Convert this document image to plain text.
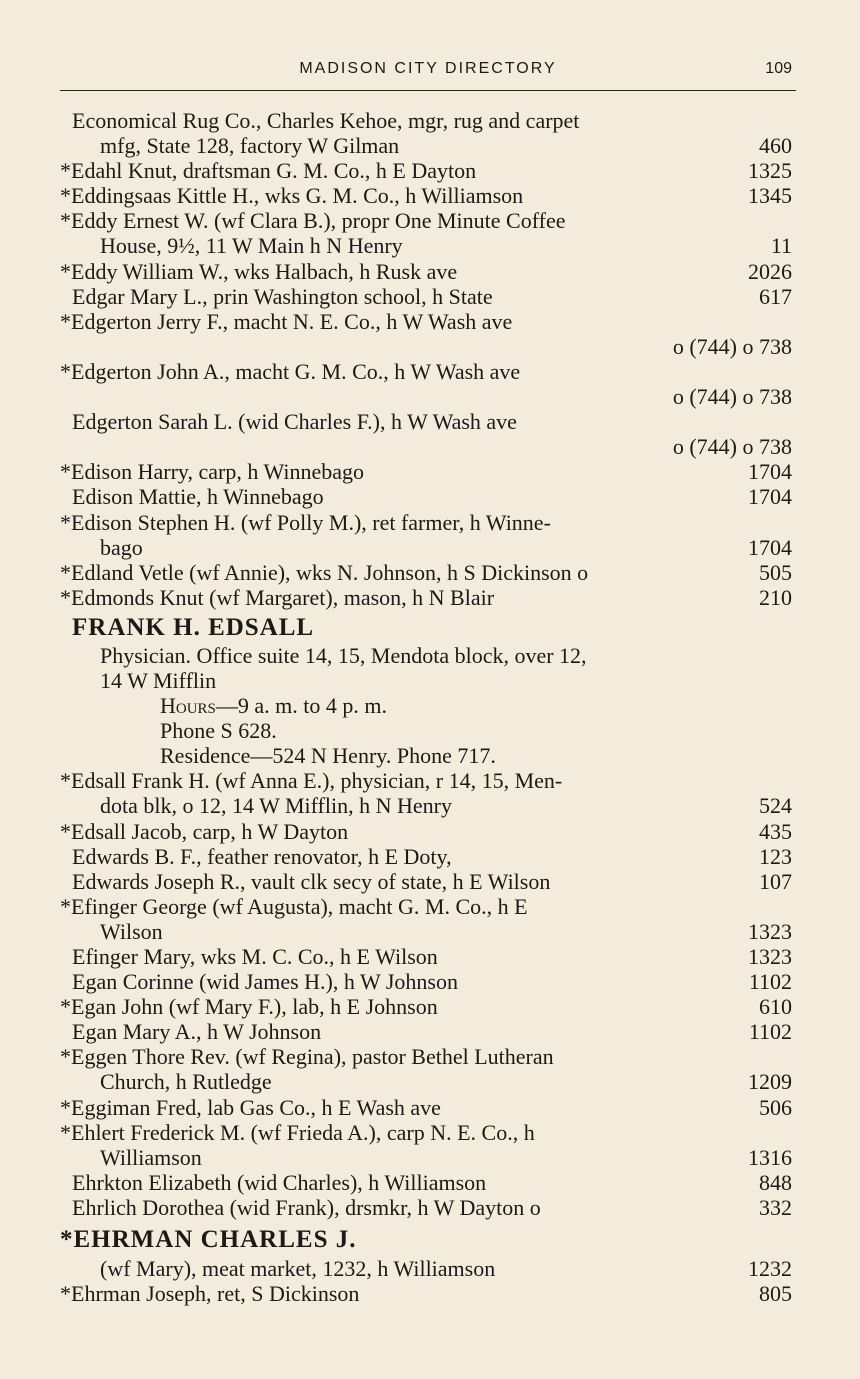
MADISON CITY DIRECTORY	109
Economical Rug Co., Charles Kehoe, mgr, rug and carpet
mfg, State 128, factory W Gilman	460
*Edahl Knut, draftsman G. M. Co., h E Dayton	1325
*Eddingsaas Kittle H., wks G. M. Co., h Williamson	1345
*Eddy Ernest W. (wf Clara B.), propr One Minute Coffee
House, 9½, 11 W Main h N Henry	11
*Eddy William W., wks Halbach, h Rusk ave	2026
Edgar Mary L., prin Washington school, h State	617
*Edgerton Jerry F., macht N. E. Co., h W Wash ave
o (744) o 738
*Edgerton John A., macht G. M. Co., h W Wash ave
o (744) o 738
Edgerton Sarah L. (wid Charles F.), h W Wash ave
o (744) o 738
*Edison Harry, carp, h Winnebago	1704
Edison Mattie, h Winnebago	1704
*Edison Stephen H. (wf Polly M.), ret farmer, h Winne-
bago	1704
*Edland Vetle (wf Annie), wks N. Johnson, h S Dickinson o	505
*Edmonds Knut (wf Margaret), mason, h N Blair	210
FRANK H. EDSALL
Physician. Office suite 14, 15, Mendota block, over 12,
14 W Mifflin
Hours—9 a. m. to 4 p. m.
Phone S 628.
Residence—524 N Henry. Phone 717.
*Edsall Frank H. (wf Anna E.), physician, r 14, 15, Men-
dota blk, o 12, 14 W Mifflin, h N Henry	524
*Edsall Jacob, carp, h W Dayton	435
Edwards B. F., feather renovator, h E Doty,	123
Edwards Joseph R., vault clk secy of state, h E Wilson	107
*Efinger George (wf Augusta), macht G. M. Co., h E
Wilson	1323
Efinger Mary, wks M. C. Co., h E Wilson	1323
Egan Corinne (wid James H.), h W Johnson	1102
*Egan John (wf Mary F.), lab, h E Johnson	610
Egan Mary A., h W Johnson	1102
*Eggen Thore Rev. (wf Regina), pastor Bethel Lutheran
Church, h Rutledge	1209
*Eggiman Fred, lab Gas Co., h E Wash ave	506
*Ehlert Frederick M. (wf Frieda A.), carp N. E. Co., h
Williamson	1316
Ehrkton Elizabeth (wid Charles), h Williamson	848
Ehrlich Dorothea (wid Frank), drsmkr, h W Dayton o	332
*EHRMAN CHARLES J.
(wf Mary), meat market, 1232, h Williamson	1232
*Ehrman Joseph, ret, S Dickinson	805
